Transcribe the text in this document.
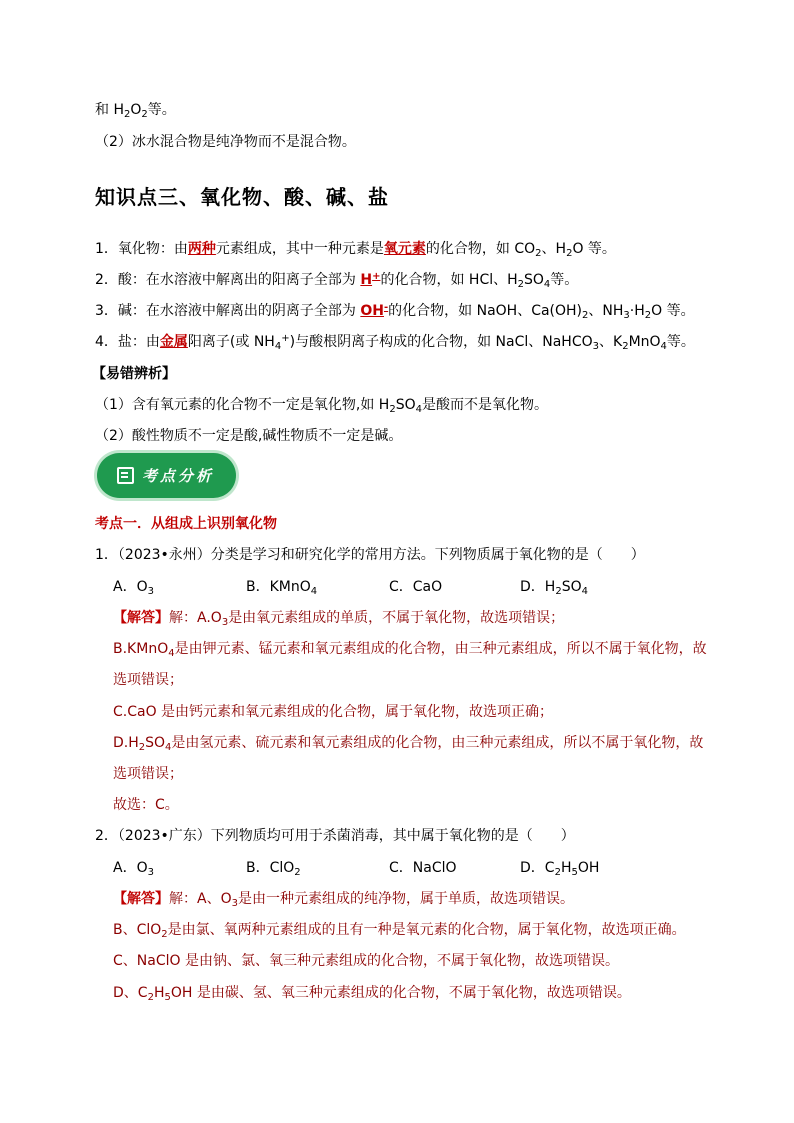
和 $H_2O_2$等。
（2）冰水混合物是纯净物而不是混合物。
知识点三、氧化物、酸、碱、盐
1．氧化物：由两种元素组成，其中一种元素是氧元素的化合物，如 $CO_2$、$H_2O$ 等。
2．酸：在水溶液中解离出的阳离子全部为 H+的化合物，如 HCl、$H_2SO_4$等。
3．碱：在水溶液中解离出的阴离子全部为 OH-的化合物，如 NaOH、$Ca(OH)_2$、$NH_3\cdot H_2O$ 等。
4．盐：由金属阳离子(或 $NH_4^+$)与酸根阴离子构成的化合物，如 NaCl、NaHCO$_3$、$K_2MnO_4$等。
【易错辨析】
（1）含有氧元素的化合物不一定是氧化物,如 $H_2SO_4$是酸而不是氧化物。
（2）酸性物质不一定是酸,碱性物质不一定是碱。
考点分析
考点一．从组成上识别氧化物
1．（2023•永州）分类是学习和研究化学的常用方法。下列物质属于氧化物的是（　　）
A．$O_3$	B．KMnO$_4$	C．CaO	D．$H_2SO_4$
【解答】解：$A.O_3$是由氧元素组成的单质，不属于氧化物，故选项错误；
B.KMnO$_4$是由钾元素、锰元素和氧元素组成的化合物，由三种元素组成，所以不属于氧化物，故
选项错误；
C.CaO 是由钙元素和氧元素组成的化合物，属于氧化物，故选项正确；
$D.H_2SO_4$是由氢元素、硫元素和氧元素组成的化合物，由三种元素组成，所以不属于氧化物，故
选项错误；
故选：C。
2．（2023•广东）下列物质均可用于杀菌消毒，其中属于氧化物的是（　　）
A．$O_3$	B．ClO$_2$	C．NaClO	D．$C_2H_5OH$
【解答】解：A、$O_3$是由一种元素组成的纯净物，属于单质，故选项错误。
B、ClO$_2$是由氯、氧两种元素组成的且有一种是氧元素的化合物，属于氧化物，故选项正确。
C、NaClO 是由钠、氯、氧三种元素组成的化合物，不属于氧化物，故选项错误。
D、$C_2H_5OH$ 是由碳、氢、氧三种元素组成的化合物，不属于氧化物，故选项错误。
